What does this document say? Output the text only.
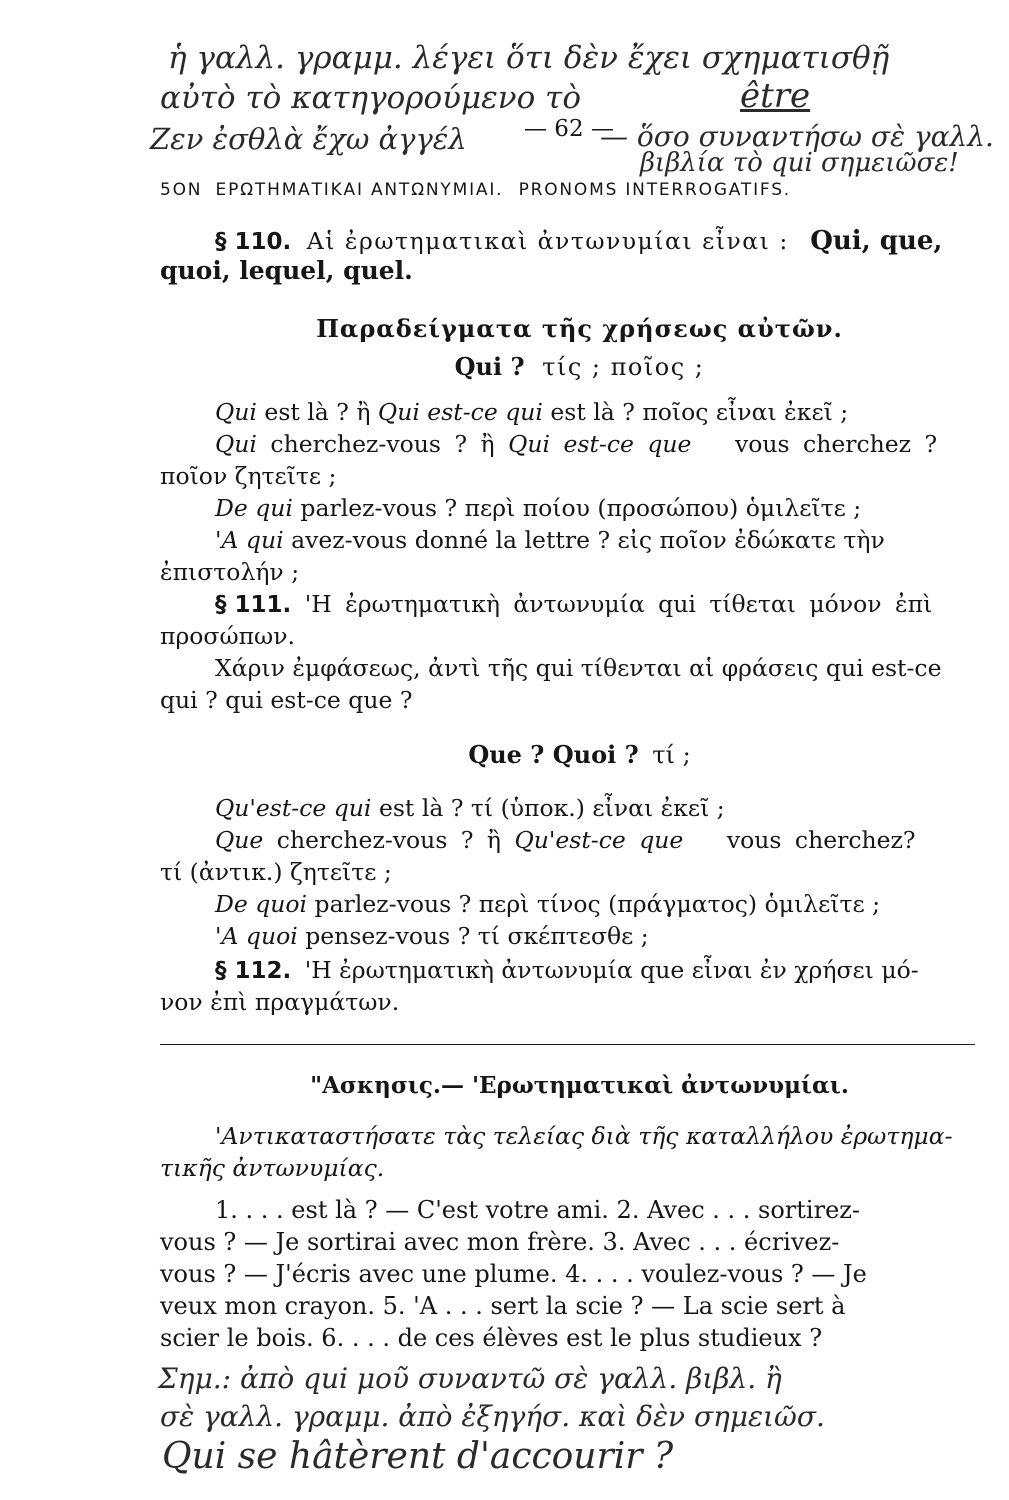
ἡ γαλλ. γραμμ. λέγει ὅτι δὲν ἔχει σχηματισθῇ
αὐτὸ τὸ κατηγορούμενο τὸ	être
Ζεν ἐσθλὰ ἔχω ἀγγέλ — 62 —
— ὅσο συναντήσω σὲ γαλλ.
βιβλία τὸ qui σημειῶσε!
5ON ΕΡΩΤΗΜΑΤΙΚΑΙ ΑΝΤΩΝΥΜΙΑΙ. PRONOMS INTERROGATIFS.
§ 110. Αἱ ἐρωτηματικαὶ ἀντωνυμίαι εἶναι : Qui, que,
quoi, lequel, quel.
Παραδείγματα τῆς χρήσεως αὐτῶν.
Qui ? τίς ; ποῖος ;
Qui est là ? ἢ Qui est-ce qui est là ? ποῖος εἶναι ἐκεῖ ;
Qui cherchez-vous ? ἢ Qui est-ce que vous cherchez ?
ποῖον ζητεῖτε ;
De qui parlez-vous ? περὶ ποίου (προσώπου) ὁμιλεῖτε ;
'A qui avez-vous donné la lettre ? εἰς ποῖον ἐδώκατε τὴν
ἐπιστολήν ;
§ 111. 'Η ἐρωτηματικὴ ἀντωνυμία qui τίθεται μόνον ἐπὶ
προσώπων.
Χάριν ἐμφάσεως, ἀντὶ τῆς qui τίθενται αἱ φράσεις qui est-ce
qui ? qui est-ce que ?
Que ? Quoi ? τί ;
Qu'est-ce qui est là ? τί (ὑποκ.) εἶναι ἐκεῖ ;
Que cherchez-vous ? ἢ Qu'est-ce que vous cherchez?
τί (ἀντικ.) ζητεῖτε ;
De quoi parlez-vous ? περὶ τίνος (πράγματος) ὁμιλεῖτε ;
'A quoi pensez-vous ? τί σκέπτεσθε ;
§ 112. 'Η ἐρωτηματικὴ ἀντωνυμία que εἶναι ἐν χρήσει μό-
νον ἐπὶ πραγμάτων.
"Ασκησις.— 'Ερωτηματικαὶ ἀντωνυμίαι.
'Αντικαταστήσατε τὰς τελείας διὰ τῆς καταλλήλου ἐρωτημα-
τικῆς ἀντωνυμίας.
1. . . . est là ? — C'est votre ami. 2. Avec . . . sortirez-
vous ? — Je sortirai avec mon frère. 3. Avec . . . écrivez-
vous ? — J'écris avec une plume. 4. . . . voulez-vous ? — Je
veux mon crayon. 5. 'A . . . sert la scie ? — La scie sert à
scier le bois. 6. . . . de ces élèves est le plus studieux ?
Σημ.: ἀπὸ qui μοῦ συναντῶ σὲ γαλλ. βιβλ. ἢ
σὲ γαλλ. γραμμ. ἀπὸ ἐξηγήσ. καὶ δὲν σημειῶσ.
Qui se hâtèrent d'accourir ?
